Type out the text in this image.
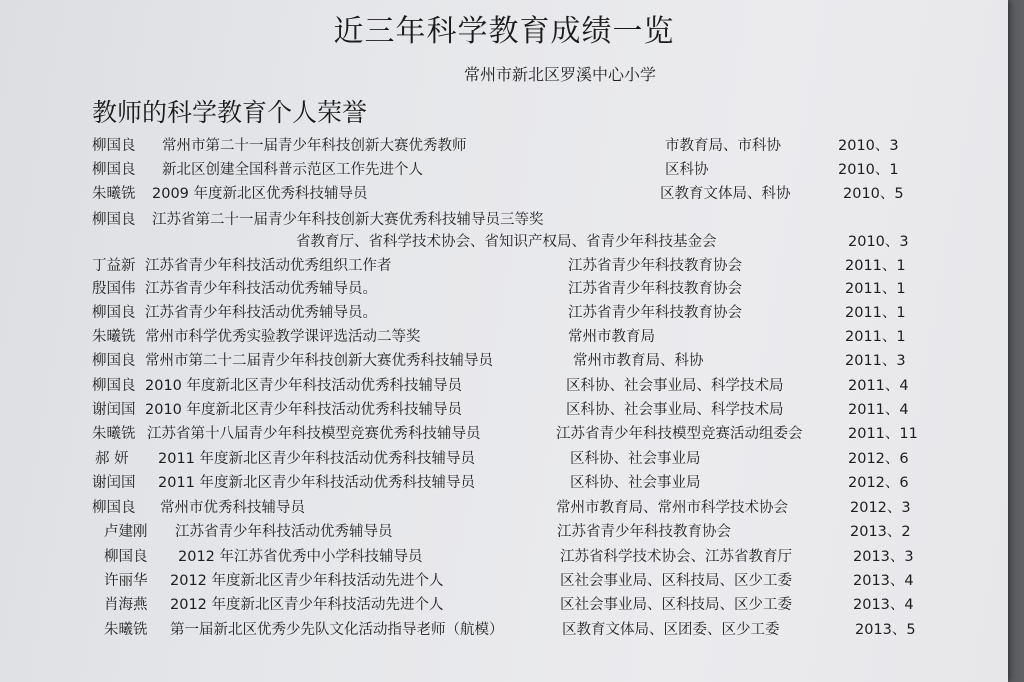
近三年科学教育成绩一览
常州市新北区罗溪中心小学
教师的科学教育个人荣誉
柳国良 常州市第二十一届青少年科技创新大赛优秀教师	市教育局、市科协	2010、3
柳国良 新北区创建全国科普示范区工作先进个人	区科协	2010、1
朱曦铣 2009 年度新北区优秀科技辅导员	区教育文体局、科协	2010、5
柳国良 江苏省第二十一届青少年科技创新大赛优秀科技辅导员三等奖
省教育厅、省科学技术协会、省知识产权局、省青少年科技基金会	2010、3
丁益新 江苏省青少年科技活动优秀组织工作者	江苏省青少年科技教育协会	2011、1
殷国伟 江苏省青少年科技活动优秀辅导员。	江苏省青少年科技教育协会	2011、1
柳国良 江苏省青少年科技活动优秀辅导员。	江苏省青少年科技教育协会	2011、1
朱曦铣 常州市科学优秀实验教学课评选活动二等奖	常州市教育局	2011、1
柳国良 常州市第二十二届青少年科技创新大赛优秀科技辅导员	常州市教育局、科协	2011、3
柳国良 2010 年度新北区青少年科技活动优秀科技辅导员	区科协、社会事业局、科学技术局	2011、4
谢闰国 2010 年度新北区青少年科技活动优秀科技辅导员	区科协、社会事业局、科学技术局	2011、4
朱曦铣 江苏省第十八届青少年科技模型竞赛优秀科技辅导员	江苏省青少年科技模型竞赛活动组委会	2011、11
郝 妍 2011 年度新北区青少年科技活动优秀科技辅导员	区科协、社会事业局	2012、6
谢闰国 2011 年度新北区青少年科技活动优秀科技辅导员	区科协、社会事业局	2012、6
柳国良 常州市优秀科技辅导员	常州市教育局、常州市科学技术协会	2012、3
卢建刚 江苏省青少年科技活动优秀辅导员	江苏省青少年科技教育协会	2013、2
柳国良 2012 年江苏省优秀中小学科技辅导员	江苏省科学技术协会、江苏省教育厅	2013、3
许丽华 2012 年度新北区青少年科技活动先进个人	区社会事业局、区科技局、区少工委	2013、4
肖海燕 2012 年度新北区青少年科技活动先进个人	区社会事业局、区科技局、区少工委	2013、4
朱曦铣 第一届新北区优秀少先队文化活动指导老师（航模）	区教育文体局、区团委、区少工委	2013、5
